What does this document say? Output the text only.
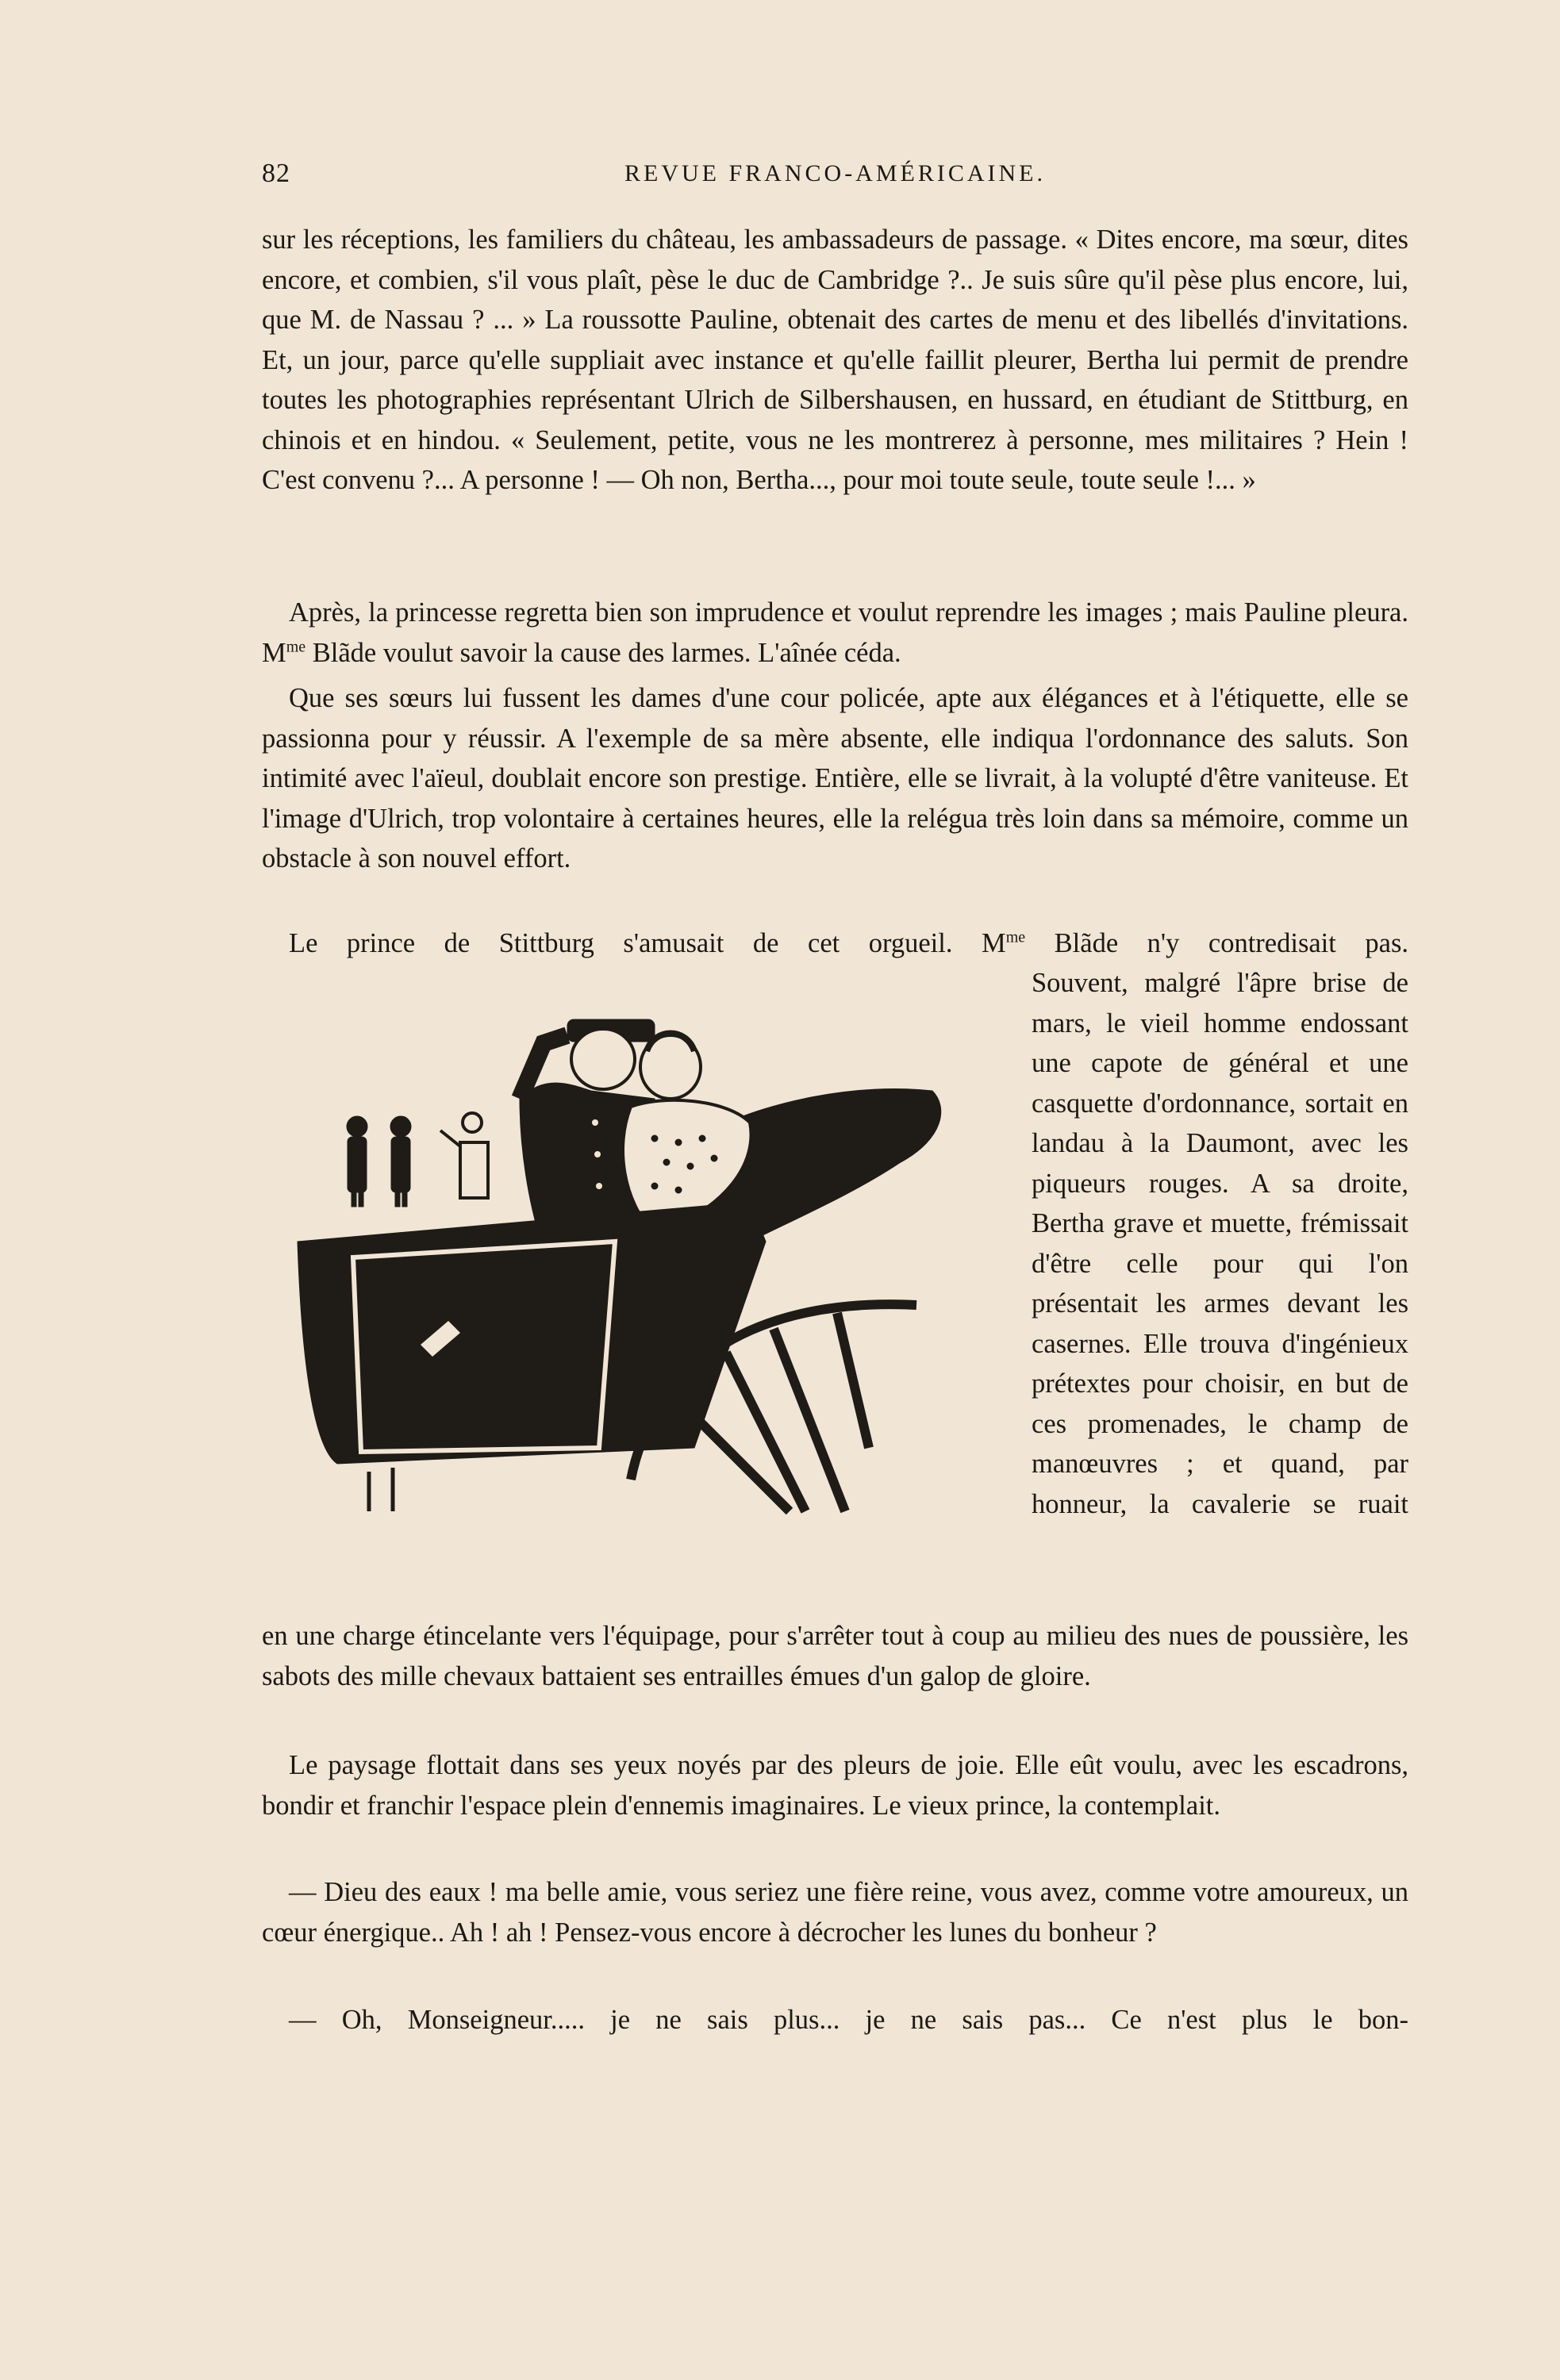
82	REVUE FRANCO-AMÉRICAINE.

sur les réceptions, les familiers du château, les ambassadeurs de passage. « Dites encore, ma sœur, dites encore, et combien, s'il vous plaît, pèse le duc de Cambridge ?.. Je suis sûre qu'il pèse plus encore, lui, que M. de Nassau ? ... » La roussotte Pauline, obtenait des cartes de menu et des libellés d'invitations. Et, un jour, parce qu'elle suppliait avec instance et qu'elle faillit pleurer, Bertha lui permit de prendre toutes les photographies représentant Ulrich de Silbershausen, en hussard, en étudiant de Stittburg, en chinois et en hindou. « Seulement, petite, vous ne les montrerez à personne, mes militaires ? Hein ! C'est convenu ?... A personne ! — Oh non, Bertha..., pour moi toute seule, toute seule !... »

Après, la princesse regretta bien son imprudence et voulut reprendre les images ; mais Pauline pleura. $M^{me}$ Blãde voulut savoir la cause des larmes. L'aînée céda.

Que ses sœurs lui fussent les dames d'une cour policée, apte aux élégances et à l'étiquette, elle se passionna pour y réussir. A l'exemple de sa mère absente, elle indiqua l'ordonnance des saluts. Son intimité avec l'aïeul, doublait encore son prestige. Entière, elle se livrait, à la volupté d'être vaniteuse. Et l'image d'Ulrich, trop volontaire à certaines heures, elle la relégua très loin dans sa mémoire, comme un obstacle à son nouvel effort.

Le prince de Stittburg s'amusait de cet orgueil. $M^{me}$ Blãde n'y contredisait pas.

Souvent, malgré l'âpre brise de mars, le vieil homme endossant une capote de général et une casquette d'ordonnance, sortait en landau à la Daumont, avec les piqueurs rouges. A sa droite, Bertha grave et muette, frémissait d'être celle pour qui l'on présentait les armes devant les casernes. Elle trouva d'ingénieux prétextes pour choisir, en but de ces promenades, le champ de manœuvres ; et quand, par honneur, la cavalerie se ruait

en une charge étincelante vers l'équipage, pour s'arrêter tout à coup au milieu des nues de poussière, les sabots des mille chevaux battaient ses entrailles émues d'un galop de gloire.

Le paysage flottait dans ses yeux noyés par des pleurs de joie. Elle eût voulu, avec les escadrons, bondir et franchir l'espace plein d'ennemis imaginaires. Le vieux prince, la contemplait.

— Dieu des eaux ! ma belle amie, vous seriez une fière reine, vous avez, comme votre amoureux, un cœur énergique.. Ah ! ah ! Pensez-vous encore à décrocher les lunes du bonheur ?

— Oh, Monseigneur..... je ne sais plus... je ne sais pas... Ce n'est plus le bon-
